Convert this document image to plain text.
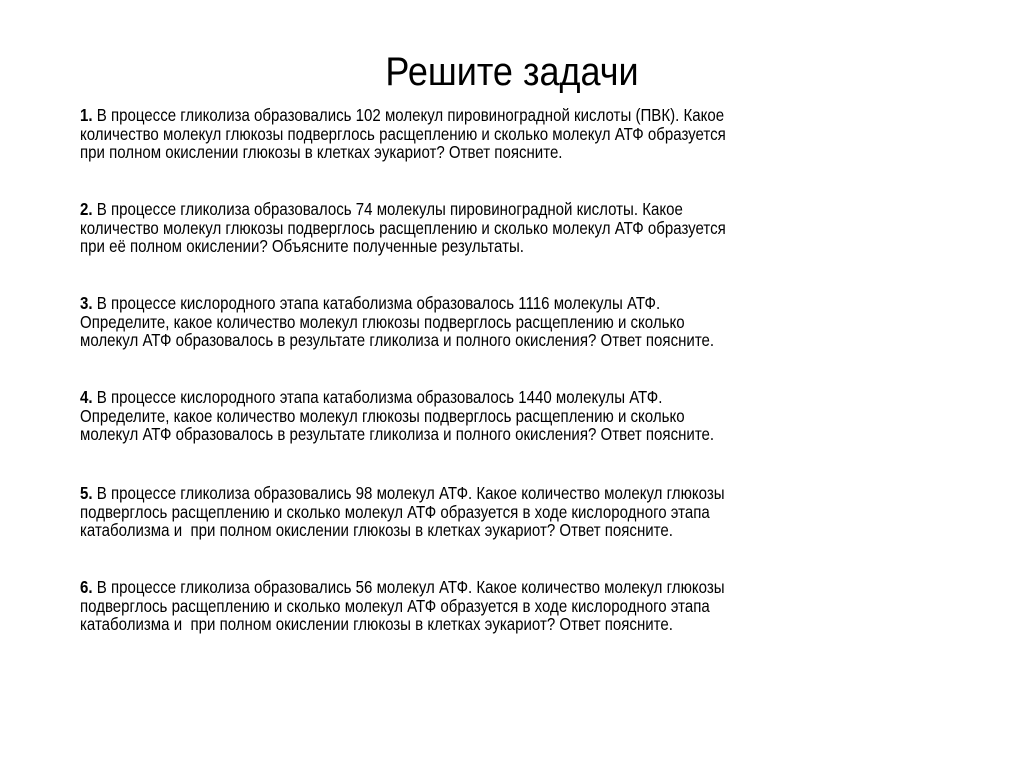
Решите задачи
1. В процессе гликолиза образовались 102 молекул пировиноградной кислоты (ПВК). Какое
количество молекул глюкозы подверглось расщеплению и сколько молекул АТФ образуется
при полном окислении глюкозы в клетках эукариот? Ответ поясните.
2. В процессе гликолиза образовалось 74 молекулы пировиноградной кислоты. Какое
количество молекул глюкозы подверглось расщеплению и сколько молекул АТФ образуется
при её полном окислении? Объясните полученные результаты.
3. В процессе кислородного этапа катаболизма образовалось 1116 молекулы АТФ.
Определите, какое количество молекул глюкозы подверглось расщеплению и сколько
молекул АТФ образовалось в результате гликолиза и полного окисления? Ответ поясните.
4. В процессе кислородного этапа катаболизма образовалось 1440 молекулы АТФ.
Определите, какое количество молекул глюкозы подверглось расщеплению и сколько
молекул АТФ образовалось в результате гликолиза и полного окисления? Ответ поясните.
5. В процессе гликолиза образовались 98 молекул АТФ. Какое количество молекул глюкозы
подверглось расщеплению и сколько молекул АТФ образуется в ходе кислородного этапа
катаболизма и  при полном окислении глюкозы в клетках эукариот? Ответ поясните.
6. В процессе гликолиза образовались 56 молекул АТФ. Какое количество молекул глюкозы
подверглось расщеплению и сколько молекул АТФ образуется в ходе кислородного этапа
катаболизма и  при полном окислении глюкозы в клетках эукариот? Ответ поясните.
